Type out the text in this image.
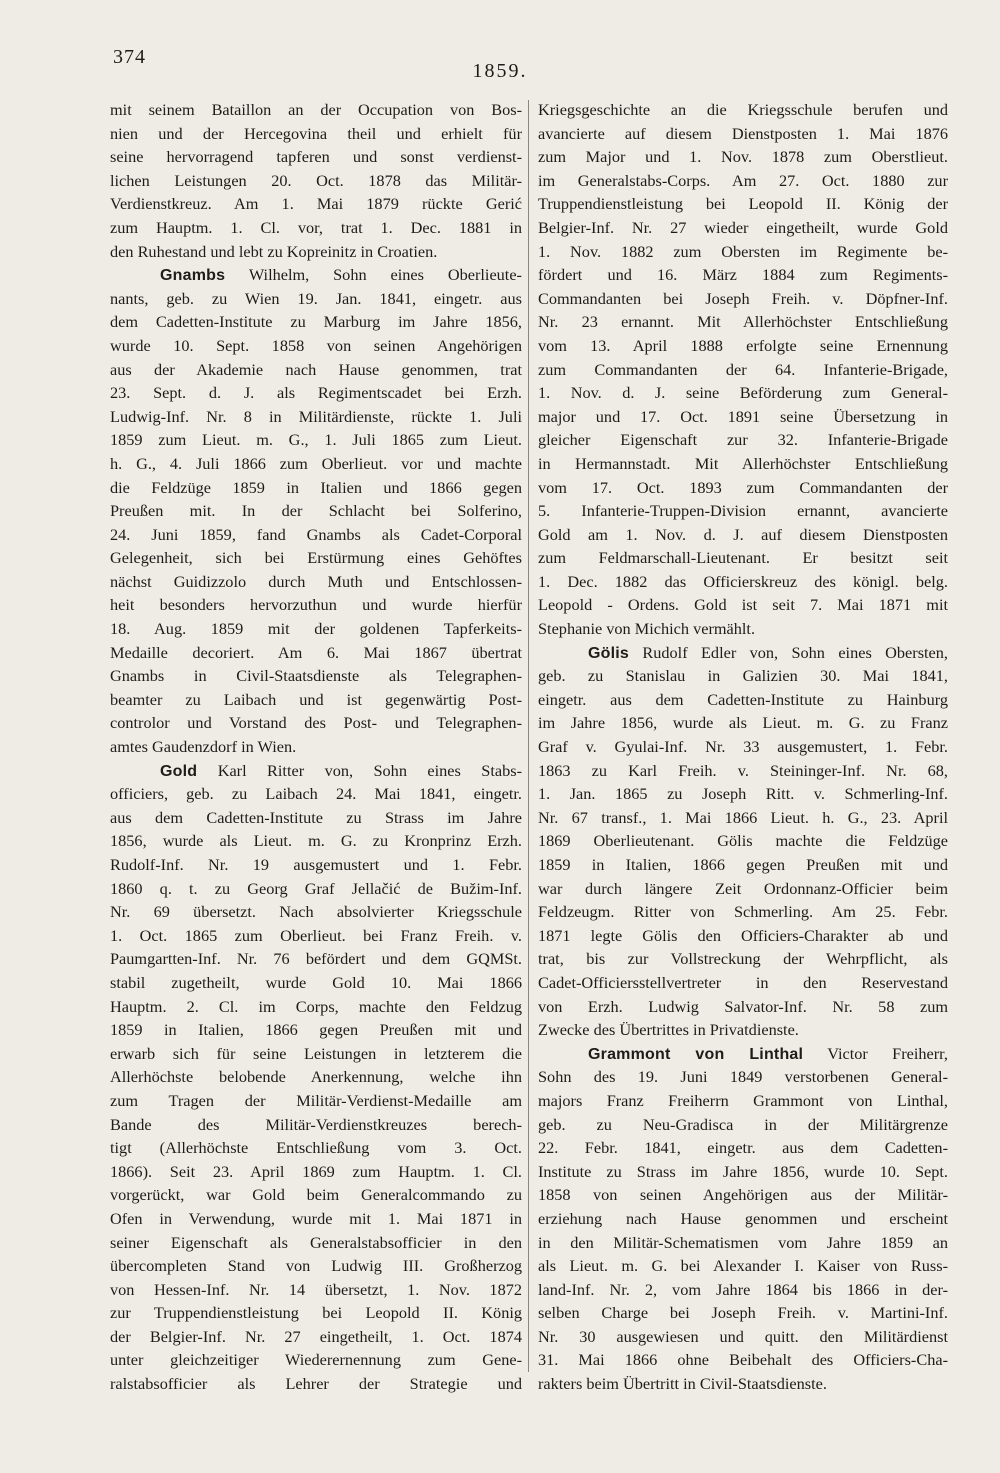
374
1859.
mit seinem Bataillon an der Occupation von Bos-
nien und der Hercegovina theil und erhielt für
seine hervorragend tapferen und sonst verdienst-
lichen Leistungen 20. Oct. 1878 das Militär-
Verdienstkreuz. Am 1. Mai 1879 rückte Gerić
zum Hauptm. 1. Cl. vor, trat 1. Dec. 1881 in
den Ruhestand und lebt zu Kopreinitz in Croatien.
Gnambs Wilhelm, Sohn eines Oberlieute-
nants, geb. zu Wien 19. Jan. 1841, eingetr. aus
dem Cadetten-Institute zu Marburg im Jahre 1856,
wurde 10. Sept. 1858 von seinen Angehörigen
aus der Akademie nach Hause genommen, trat
23. Sept. d. J. als Regimentscadet bei Erzh.
Ludwig-Inf. Nr. 8 in Militärdienste, rückte 1. Juli
1859 zum Lieut. m. G., 1. Juli 1865 zum Lieut.
h. G., 4. Juli 1866 zum Oberlieut. vor und machte
die Feldzüge 1859 in Italien und 1866 gegen
Preußen mit. In der Schlacht bei Solferino,
24. Juni 1859, fand Gnambs als Cadet-Corporal
Gelegenheit, sich bei Erstürmung eines Gehöftes
nächst Guidizzolo durch Muth und Entschlossen-
heit besonders hervorzuthun und wurde hierfür
18. Aug. 1859 mit der goldenen Tapferkeits-
Medaille decoriert. Am 6. Mai 1867 übertrat
Gnambs in Civil-Staatsdienste als Telegraphen-
beamter zu Laibach und ist gegenwärtig Post-
controlor und Vorstand des Post- und Telegraphen-
amtes Gaudenzdorf in Wien.
Gold Karl Ritter von, Sohn eines Stabs-
officiers, geb. zu Laibach 24. Mai 1841, eingetr.
aus dem Cadetten-Institute zu Strass im Jahre
1856, wurde als Lieut. m. G. zu Kronprinz Erzh.
Rudolf-Inf. Nr. 19 ausgemustert und 1. Febr.
1860 q. t. zu Georg Graf Jellačić de Bužim-Inf.
Nr. 69 übersetzt. Nach absolvierter Kriegsschule
1. Oct. 1865 zum Oberlieut. bei Franz Freih. v.
Paumgartten-Inf. Nr. 76 befördert und dem GQMSt.
stabil zugetheilt, wurde Gold 10. Mai 1866
Hauptm. 2. Cl. im Corps, machte den Feldzug
1859 in Italien, 1866 gegen Preußen mit und
erwarb sich für seine Leistungen in letzterem die
Allerhöchste belobende Anerkennung, welche ihn
zum Tragen der Militär-Verdienst-Medaille am
Bande des Militär-Verdienstkreuzes berech-
tigt (Allerhöchste Entschließung vom 3. Oct.
1866). Seit 23. April 1869 zum Hauptm. 1. Cl.
vorgerückt, war Gold beim Generalcommando zu
Ofen in Verwendung, wurde mit 1. Mai 1871 in
seiner Eigenschaft als Generalstabsofficier in den
übercompleten Stand von Ludwig III. Großherzog
von Hessen-Inf. Nr. 14 übersetzt, 1. Nov. 1872
zur Truppendienstleistung bei Leopold II. König
der Belgier-Inf. Nr. 27 eingetheilt, 1. Oct. 1874
unter gleichzeitiger Wiederernennung zum Gene-
ralstabsofficier als Lehrer der Strategie und
Kriegsgeschichte an die Kriegsschule berufen und
avancierte auf diesem Dienstposten 1. Mai 1876
zum Major und 1. Nov. 1878 zum Oberstlieut.
im Generalstabs-Corps. Am 27. Oct. 1880 zur
Truppendienstleistung bei Leopold II. König der
Belgier-Inf. Nr. 27 wieder eingetheilt, wurde Gold
1. Nov. 1882 zum Obersten im Regimente be-
fördert und 16. März 1884 zum Regiments-
Commandanten bei Joseph Freih. v. Döpfner-Inf.
Nr. 23 ernannt. Mit Allerhöchster Entschließung
vom 13. April 1888 erfolgte seine Ernennung
zum Commandanten der 64. Infanterie-Brigade,
1. Nov. d. J. seine Beförderung zum General-
major und 17. Oct. 1891 seine Übersetzung in
gleicher Eigenschaft zur 32. Infanterie-Brigade
in Hermannstadt. Mit Allerhöchster Entschließung
vom 17. Oct. 1893 zum Commandanten der
5. Infanterie-Truppen-Division ernannt, avancierte
Gold am 1. Nov. d. J. auf diesem Dienstposten
zum Feldmarschall-Lieutenant. Er besitzt seit
1. Dec. 1882 das Officierskreuz des königl. belg.
Leopold - Ordens. Gold ist seit 7. Mai 1871 mit
Stephanie von Michich vermählt.
Gölis Rudolf Edler von, Sohn eines Obersten,
geb. zu Stanislau in Galizien 30. Mai 1841,
eingetr. aus dem Cadetten-Institute zu Hainburg
im Jahre 1856, wurde als Lieut. m. G. zu Franz
Graf v. Gyulai-Inf. Nr. 33 ausgemustert, 1. Febr.
1863 zu Karl Freih. v. Steininger-Inf. Nr. 68,
1. Jan. 1865 zu Joseph Ritt. v. Schmerling-Inf.
Nr. 67 transf., 1. Mai 1866 Lieut. h. G., 23. April
1869 Oberlieutenant. Gölis machte die Feldzüge
1859 in Italien, 1866 gegen Preußen mit und
war durch längere Zeit Ordonnanz-Officier beim
Feldzeugm. Ritter von Schmerling. Am 25. Febr.
1871 legte Gölis den Officiers-Charakter ab und
trat, bis zur Vollstreckung der Wehrpflicht, als
Cadet-Officiersstellvertreter in den Reservestand
von Erzh. Ludwig Salvator-Inf. Nr. 58 zum
Zwecke des Übertrittes in Privatdienste.
Grammont von Linthal Victor Freiherr,
Sohn des 19. Juni 1849 verstorbenen General-
majors Franz Freiherrn Grammont von Linthal,
geb. zu Neu-Gradisca in der Militärgrenze
22. Febr. 1841, eingetr. aus dem Cadetten-
Institute zu Strass im Jahre 1856, wurde 10. Sept.
1858 von seinen Angehörigen aus der Militär-
erziehung nach Hause genommen und erscheint
in den Militär-Schematismen vom Jahre 1859 an
als Lieut. m. G. bei Alexander I. Kaiser von Russ-
land-Inf. Nr. 2, vom Jahre 1864 bis 1866 in der-
selben Charge bei Joseph Freih. v. Martini-Inf.
Nr. 30 ausgewiesen und quitt. den Militärdienst
31. Mai 1866 ohne Beibehalt des Officiers-Cha-
rakters beim Übertritt in Civil-Staatsdienste.
